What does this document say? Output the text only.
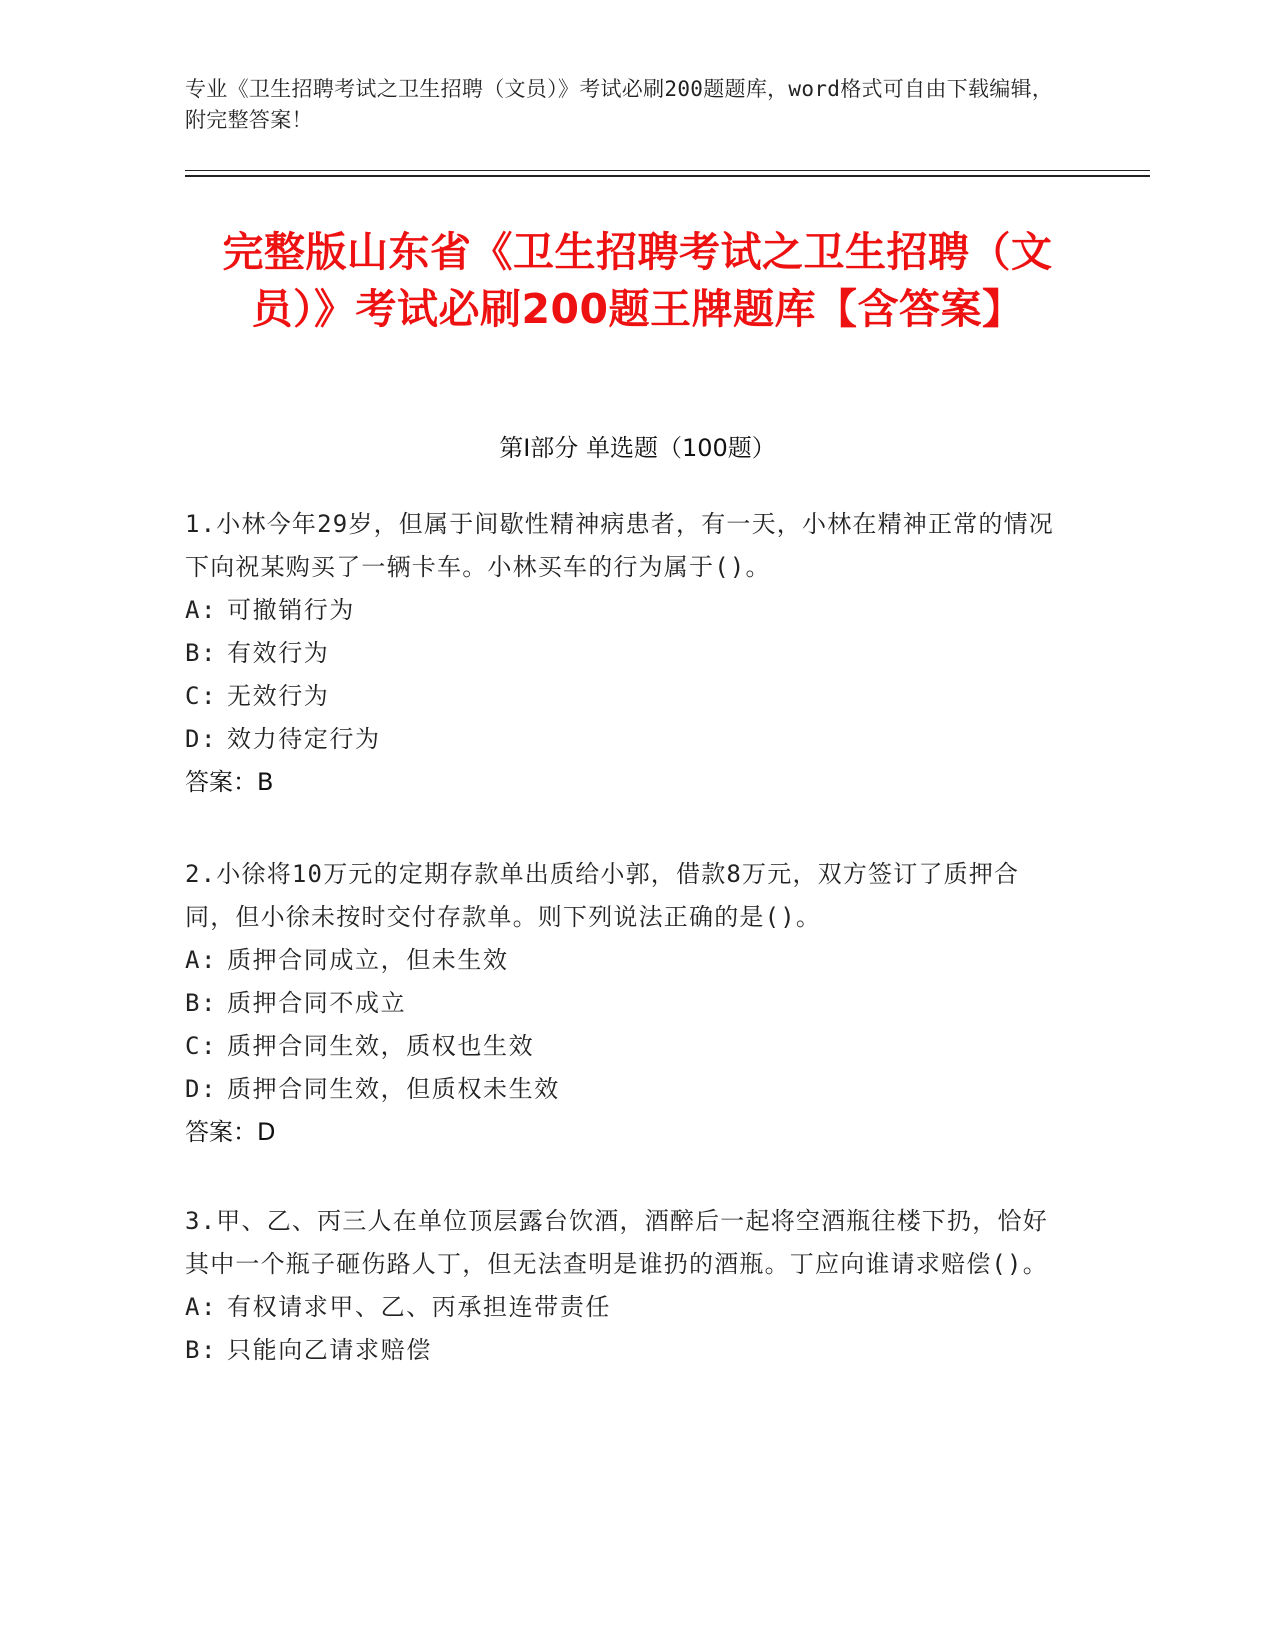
专业《卫生招聘考试之卫生招聘（文员）》考试必刷200题题库，word格式可自由下载编辑，附完整答案！
完整版山东省《卫生招聘考试之卫生招聘（文员）》考试必刷200题王牌题库【含答案】
第I部分 单选题（100题）
1.小林今年29岁，但属于间歇性精神病患者，有一天，小林在精神正常的情况下向祝某购买了一辆卡车。小林买车的行为属于()。
A: 可撤销行为
B: 有效行为
C: 无效行为
D: 效力待定行为
答案：B
2.小徐将10万元的定期存款单出质给小郭，借款8万元，双方签订了质押合同，但小徐未按时交付存款单。则下列说法正确的是()。
A: 质押合同成立，但未生效
B: 质押合同不成立
C: 质押合同生效，质权也生效
D: 质押合同生效，但质权未生效
答案：D
3.甲、乙、丙三人在单位顶层露台饮酒，酒醉后一起将空酒瓶往楼下扔，恰好其中一个瓶子砸伤路人丁，但无法查明是谁扔的酒瓶。丁应向谁请求赔偿()。
A: 有权请求甲、乙、丙承担连带责任
B: 只能向乙请求赔偿
